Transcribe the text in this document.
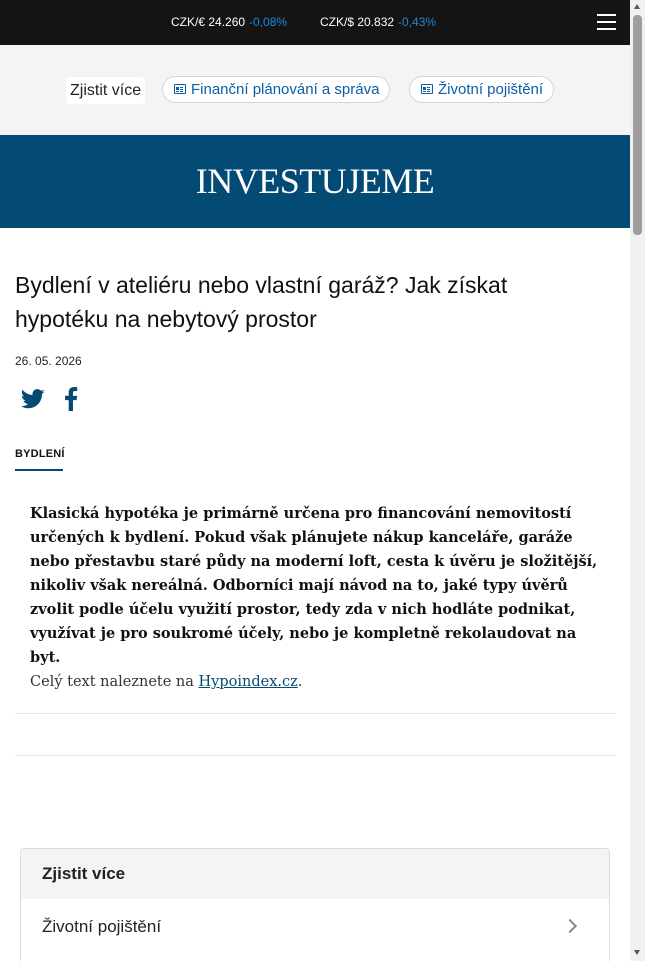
CZK/€ 24.260 -0,08%	CZK/$ 20.832 -0,43%
Zjistit více	Finanční plánování a správa	Životní pojištění
INVESTUJEME
Bydlení v ateliéru nebo vlastní garáž? Jak získat hypotéku na nebytový prostor
26. 05. 2026
BYDLENÍ

Klasická hypotéka je primárně určena pro financování nemovitostí určených k bydlení. Pokud však plánujete nákup kanceláře, garáže nebo přestavbu staré půdy na moderní loft, cesta k úvěru je složitější, nikoliv však nereálná. Odborníci mají návod na to, jaké typy úvěrů zvolit podle účelu využití prostor, tedy zda v nich hodláte podnikat, využívat je pro soukromé účely, nebo je kompletně rekolaudovat na byt.

Celý text naleznete na Hypoindex.cz.

Zjistit více
Životní pojištění
